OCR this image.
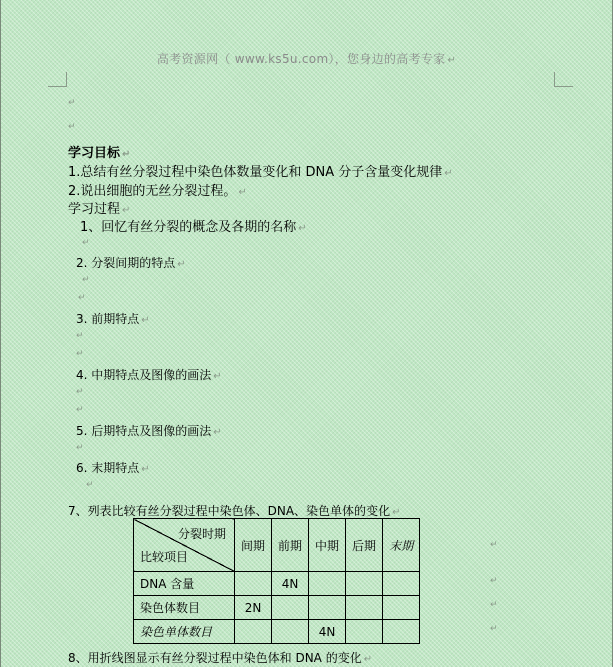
高考资源网（ www.ks5u.com），您身边的高考专家 ↵
↵
↵
学习目标 ↵
1.总结有丝分裂过程中染色体数量变化和 DNA 分子含量变化规律 ↵
2.说出细胞的无丝分裂过程。 ↵
学习过程 ↵
1、回忆有丝分裂的概念及各期的名称 ↵
↵
2. 分裂间期的特点 ↵
↵
↵
3. 前期特点 ↵
↵
↵
4. 中期特点及图像的画法 ↵
↵
↵
5. 后期特点及图像的画法 ↵
↵
6. 末期特点 ↵
↵
7、列表比较有丝分裂过程中染色体、DNA、染色单体的变化 ↵
分裂时期
比较项目	间期	前期	中期	后期	末期
DNA 含量		4N			
染色体数目	2N				
染色单体数目			4N		
↵
↵
↵
↵
8、用折线图显示有丝分裂过程中染色体和 DNA 的变化 ↵
